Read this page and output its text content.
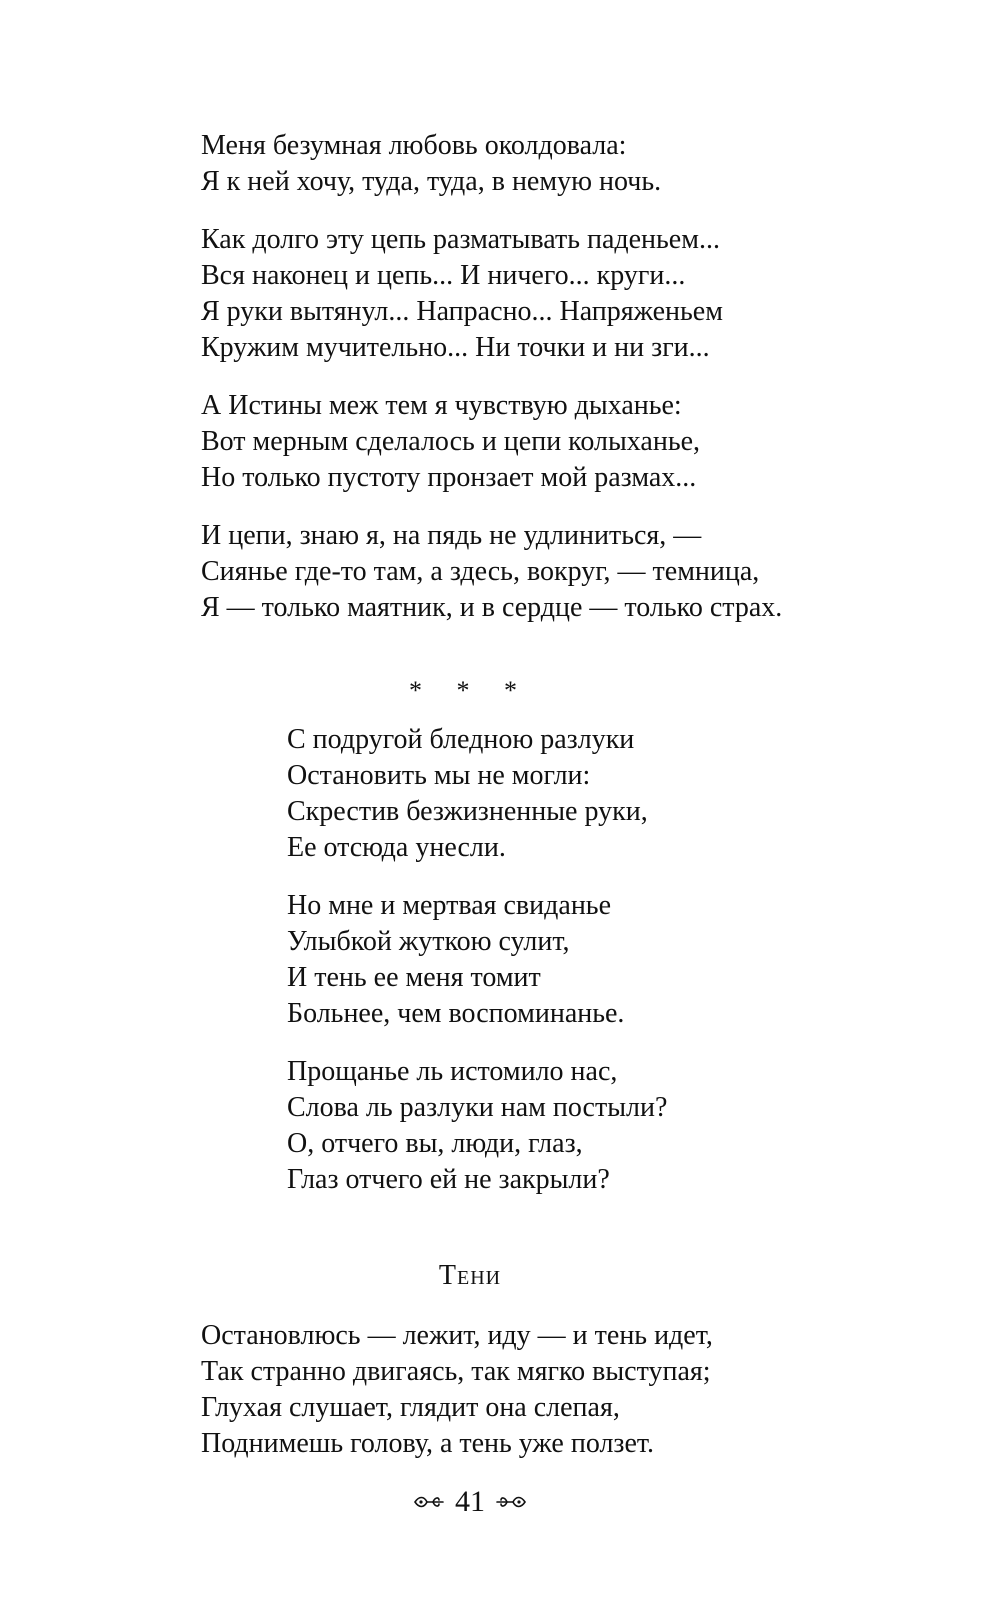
Меня безумная любовь околдовала:
Я к ней хочу, туда, туда, в немую ночь.
Как долго эту цепь разматывать паденьем...
Вся наконец и цепь... И ничего... круги...
Я руки вытянул... Напрасно... Напряженьем
Кружим мучительно... Ни точки и ни зги...
А Истины меж тем я чувствую дыханье:
Вот мерным сделалось и цепи колыханье,
Но только пустоту пронзает мой размах...
И цепи, знаю я, на пядь не удлиниться, —
Сиянье где-то там, а здесь, вокруг, — темница,
Я — только маятник, и в сердце — только страх.
* * *
С подругой бледною разлуки
Остановить мы не могли:
Скрестив безжизненные руки,
Ее отсюда унесли.
Но мне и мертвая свиданье
Улыбкой жуткою сулит,
И тень ее меня томит
Больнее, чем воспоминанье.
Прощанье ль истомило нас,
Слова ль разлуки нам постыли?
О, отчего вы, люди, глаз,
Глаз отчего ей не закрыли?
Тени
Остановлюсь — лежит, иду — и тень идет,
Так странно двигаясь, так мягко выступая;
Глухая слушает, глядит она слепая,
Поднимешь голову, а тень уже ползет.
41
